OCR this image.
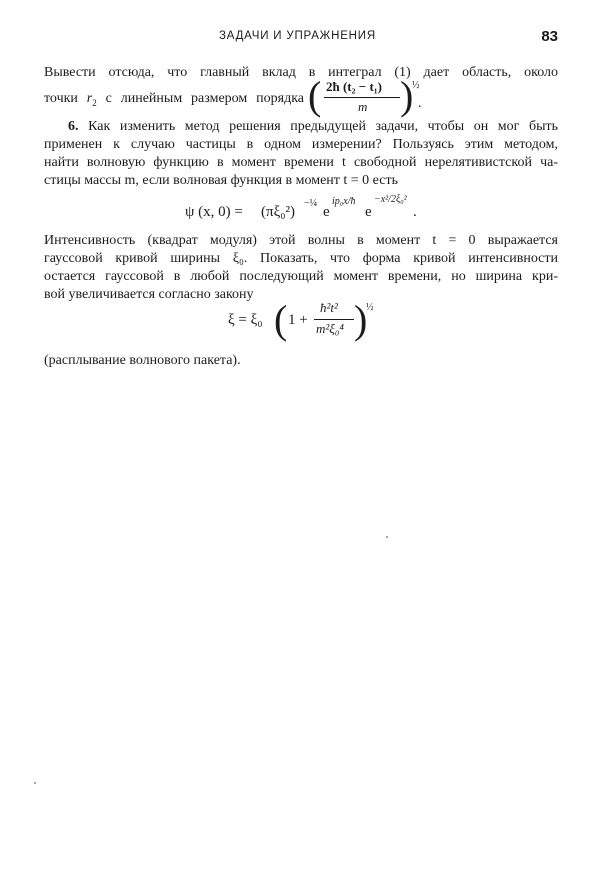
ЗАДАЧИ И УПРАЖНЕНИЯ	83
Вывести отсюда, что главный вклад в интеграл (1) дает область, около
точки $r_2$ с линейным размером порядка ( 2ħ (t₂ − t₁)
m )
½
.
6. Как изменить метод решения предыдущей задачи, чтобы он мог быть
применен к случаю частицы в одном измерении? Пользуясь этим методом,
найти волновую функцию в момент времени t свободной нерелятивистской ча-
стицы массы m, если волновая функция в момент t = 0 есть
ψ (x, 0) = (πξ₀²)
−¼
e
ip₀x/ħ
e
−x²/2ξ₀²
.
Интенсивность (квадрат модуля) этой волны в момент t = 0 выражается
гауссовой кривой ширины ξ₀. Показать, что форма кривой интенсивности
остается гауссовой в любой последующий момент времени, но ширина кри-
вой увеличивается согласно закону
ξ = ξ₀ ( 1 +
ħ²t²
m²ξ₀⁴ )
½
(расплывание волнового пакета).
